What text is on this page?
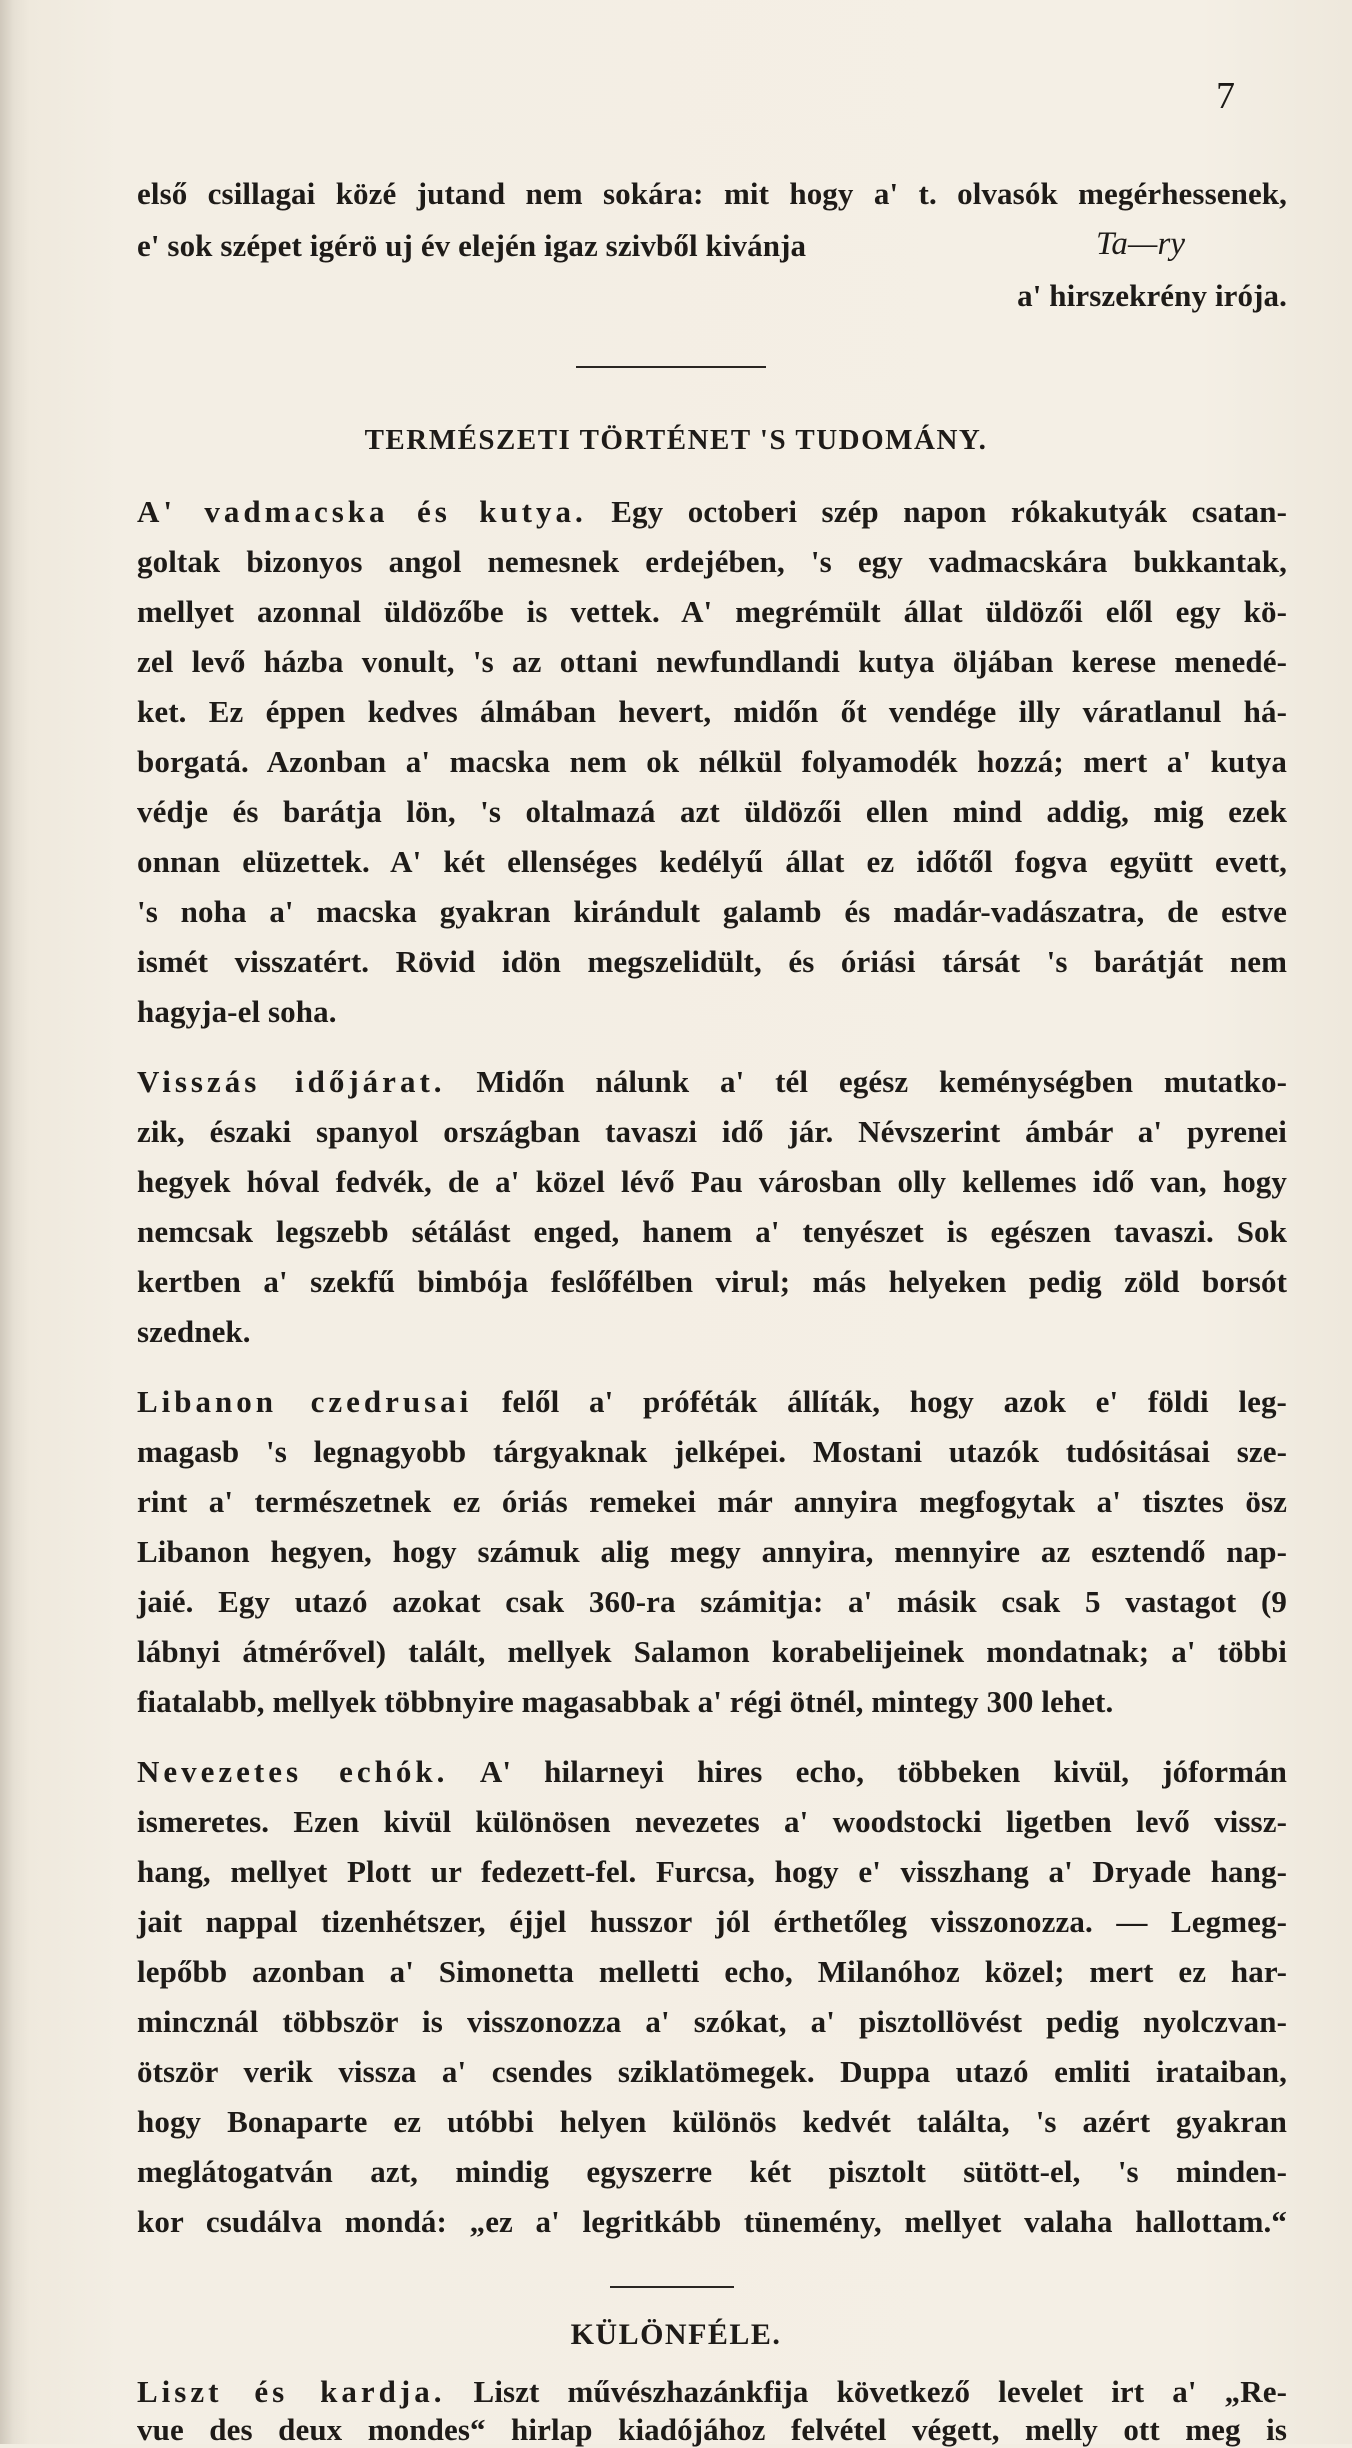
7
első csillagai közé jutand nem sokára: mit hogy a' t. olvasók megérhessenek,
e' sok szépet igérö uj év elején igaz szivből kivánja	Ta—ry
a' hirszekrény irója.
TERMÉSZETI TÖRTÉNET 'S TUDOMÁNY.
A' vadmacska és kutya. Egy octoberi szép napon rókakutyák csatan-
goltak bizonyos angol nemesnek erdejében, 's egy vadmacskára bukkantak,
mellyet azonnal üldözőbe is vettek. A' megrémült állat üldözői elől egy kö-
zel levő házba vonult, 's az ottani newfundlandi kutya öljában kerese menedé-
ket. Ez éppen kedves álmában hevert, midőn őt vendége illy váratlanul há-
borgatá. Azonban a' macska nem ok nélkül folyamodék hozzá; mert a' kutya
védje és barátja lön, 's oltalmazá azt üldözői ellen mind addig, mig ezek
onnan elüzettek. A' két ellenséges kedélyű állat ez időtől fogva együtt evett,
's noha a' macska gyakran kirándult galamb és madár-vadászatra, de estve
ismét visszatért. Rövid idön megszelidült, és óriási társát 's barátját nem
hagyja-el soha.
Visszás időjárat. Midőn nálunk a' tél egész keménységben mutatko-
zik, északi spanyol országban tavaszi idő jár. Névszerint ámbár a' pyrenei
hegyek hóval fedvék, de a' közel lévő Pau városban olly kellemes idő van, hogy
nemcsak legszebb sétálást enged, hanem a' tenyészet is egészen tavaszi. Sok
kertben a' szekfű bimbója feslőfélben virul; más helyeken pedig zöld borsót
szednek.
Libanon czedrusai felől a' próféták állíták, hogy azok e' földi leg-
magasb 's legnagyobb tárgyaknak jelképei. Mostani utazók tudósitásai sze-
rint a' természetnek ez óriás remekei már annyira megfogytak a' tisztes ösz
Libanon hegyen, hogy számuk alig megy annyira, mennyire az esztendő nap-
jaié. Egy utazó azokat csak 360-ra számitja: a' másik csak 5 vastagot (9
lábnyi átmérővel) talált, mellyek Salamon korabelijeinek mondatnak; a' többi
fiatalabb, mellyek többnyire magasabbak a' régi ötnél, mintegy 300 lehet.
Nevezetes echók. A' hilarneyi hires echo, többeken kivül, jóformán
ismeretes. Ezen kivül különösen nevezetes a' woodstocki ligetben levő vissz-
hang, mellyet Plott ur fedezett-fel. Furcsa, hogy e' visszhang a' Dryade hang-
jait nappal tizenhétszer, éjjel husszor jól érthetőleg visszonozza. — Legmeg-
lepőbb azonban a' Simonetta melletti echo, Milanóhoz közel; mert ez har-
mincznál többször is visszonozza a' szókat, a' pisztollövést pedig nyolczvan-
ötször verik vissza a' csendes sziklatömegek. Duppa utazó emliti irataiban,
hogy Bonaparte ez utóbbi helyen különös kedvét találta, 's azért gyakran
meglátogatván azt, mindig egyszerre két pisztolt sütött-el, 's minden-
kor csudálva mondá: „ez a' legritkább tünemény, mellyet valaha hallottam.“
KÜLÖNFÉLE.
Liszt és kardja. Liszt művészhazánkfija következő levelet irt a' „Re-
vue des deux mondes“ hirlap kiadójához felvétel végett, melly ott meg is
